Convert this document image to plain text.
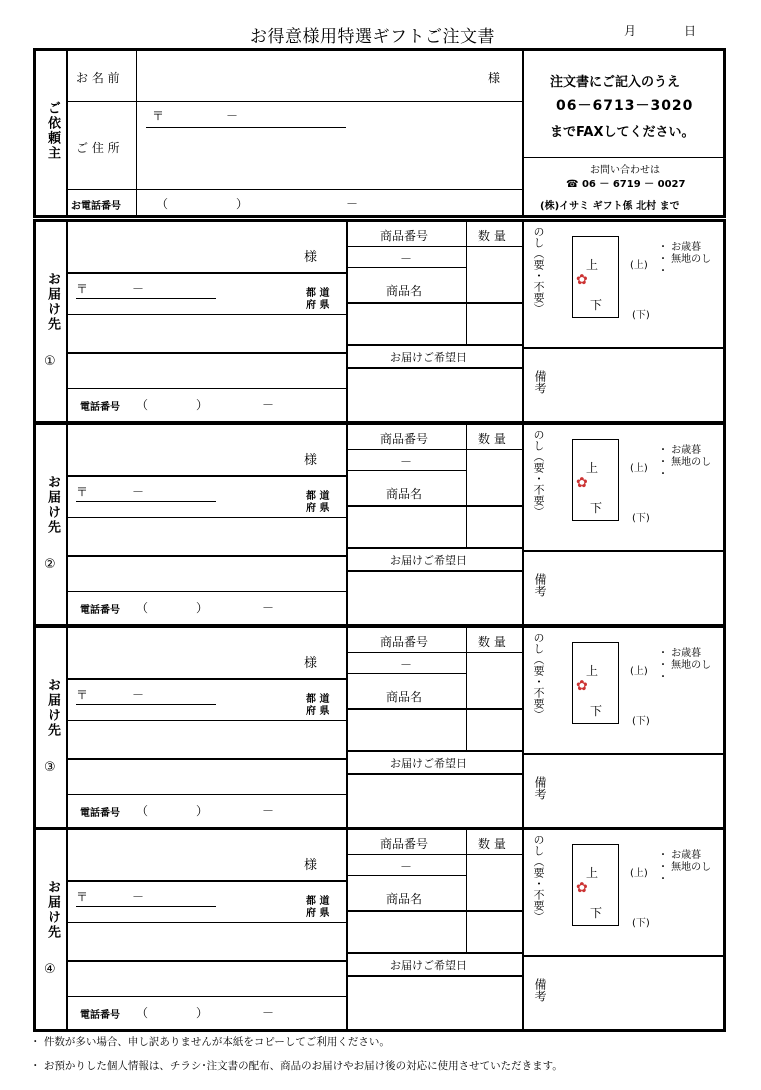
お得意様用特選ギフトご注文書	月	日
ご依頼主
お 名 前	様
〒	－
ご 住 所
お電話番号	（	）	－
注文書にご記入のうえ
06－6713－3020
までFAXしてください。
お問い合わせは
☎ 06 － 6719 － 0027
(株)イサミ ギフト係 北村 まで
お届け先
①
様
〒	－	都 道
府 県
電話番号 （	）	－
商品番号	数 量
－
商品名
お届けご希望日
のし（要・不要）	上
✿
下
(上)
(下)
・ お歳暮
・ 無地のし
・
備考
お届け先
②
様
〒	－	都 道
府 県
電話番号 （	）	－
商品番号	数 量
－
商品名
お届けご希望日
のし（要・不要）	上
✿
下
(上)
(下)
・ お歳暮
・ 無地のし
・
備考
お届け先
③
様
〒	－	都 道
府 県
電話番号 （	）	－
商品番号	数 量
－
商品名
お届けご希望日
のし（要・不要）	上
✿
下
(上)
(下)
・ お歳暮
・ 無地のし
・
備考
お届け先
④
様
〒	－	都 道
府 県
電話番号 （	）	－
商品番号	数 量
－
商品名
お届けご希望日
のし（要・不要）	上
✿
下
(上)
(下)
・ お歳暮
・ 無地のし
・
備考
・ 件数が多い場合、申し訳ありませんが本紙をコピーしてご利用ください。
・ お預かりした個人情報は、チラシ･注文書の配布、商品のお届けやお届け後の対応に使用させていただきます。
